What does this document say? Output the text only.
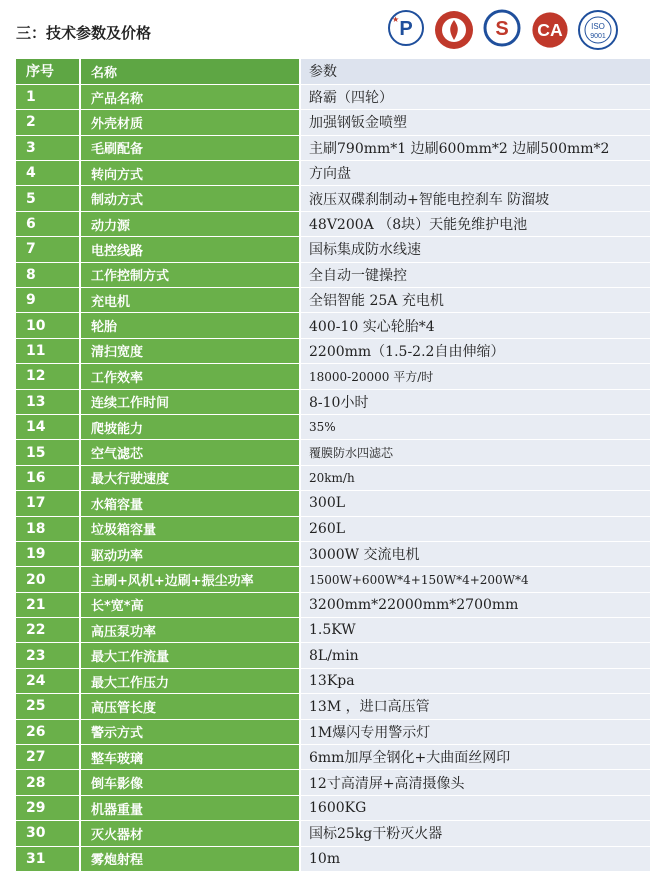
三：技术参数及价格	P
★	S CA	ISO
9001
序号	名称	参数
1	产品名称	路霸（四轮）
2	外壳材质	加强钢钣金喷塑
3	毛刷配备	主刷790mm*1 边刷600mm*2 边刷500mm*2
4	转向方式	方向盘
5	制动方式	液压双碟刹制动+智能电控刹车 防溜坡
6	动力源	48V200A （8块）天能免维护电池
7	电控线路	国标集成防水线速
8	工作控制方式	全自动一键操控
9	充电机	全铝智能 25A 充电机
10	轮胎	400-10 实心轮胎*4
11	清扫宽度	2200mm（1.5-2.2自由伸缩）
12	工作效率	18000-20000 平方/时
13	连续工作时间	8-10小时
14	爬坡能力	35%
15	空气滤芯	覆膜防水四滤芯
16	最大行驶速度	20km/h
17	水箱容量	300L
18	垃圾箱容量	260L
19	驱动功率	3000W 交流电机
20	主刷+风机+边刷+振尘功率	1500W+600W*4+150W*4+200W*4
21	长*宽*高	3200mm*22000mm*2700mm
22	高压泵功率	1.5KW
23	最大工作流量	8L/min
24	最大工作压力	13Kpa
25	高压管长度	13M ，进口高压管
26	警示方式	1M爆闪专用警示灯
27	整车玻璃	6mm加厚全钢化+大曲面丝网印
28	倒车影像	12寸高清屏+高清摄像头
29	机器重量	1600KG
30	灭火器材	国标25kg干粉灭火器
31	雾炮射程	10m
